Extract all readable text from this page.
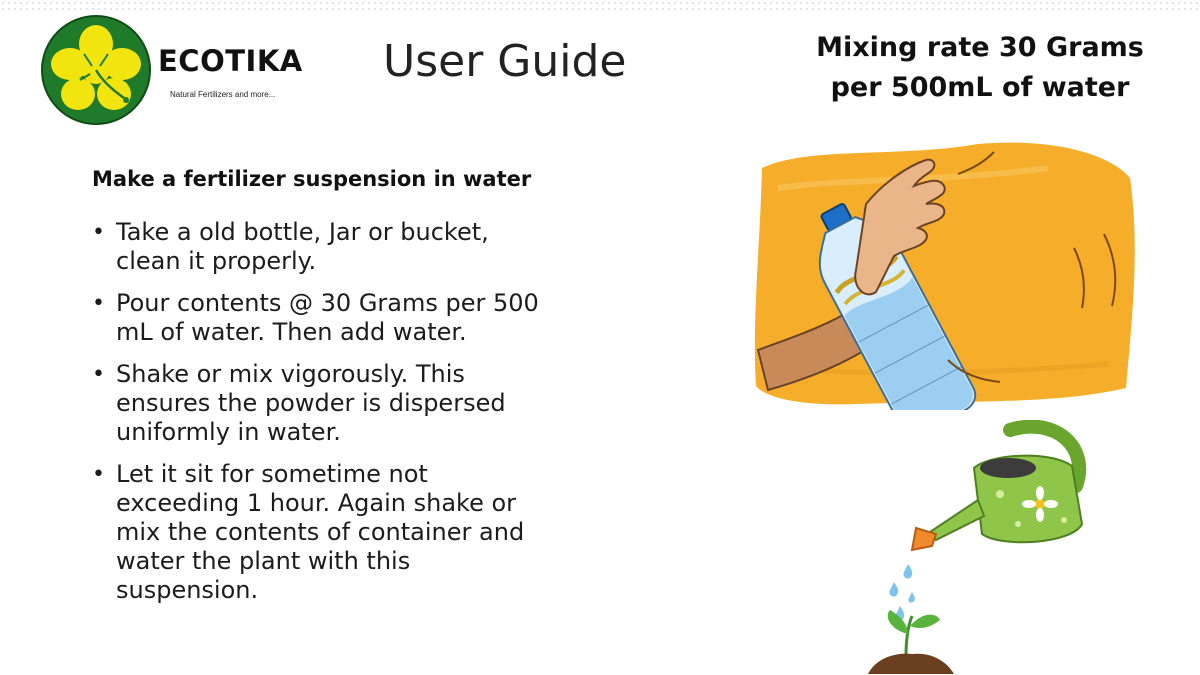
ECOTIKA
Natural Fertilizers and more...
User Guide	Mixing rate 30 Grams
per 500mL of water
Make a fertilizer suspension in water
• Take a old bottle, Jar or bucket,
clean it properly.
• Pour contents @ 30 Grams per 500
mL of water. Then add water.
• Shake or mix vigorously. This
ensures the powder is dispersed
uniformly in water.
• Let it sit for sometime not
exceeding 1 hour. Again shake or
mix the contents of container and
water the plant with this
suspension.
